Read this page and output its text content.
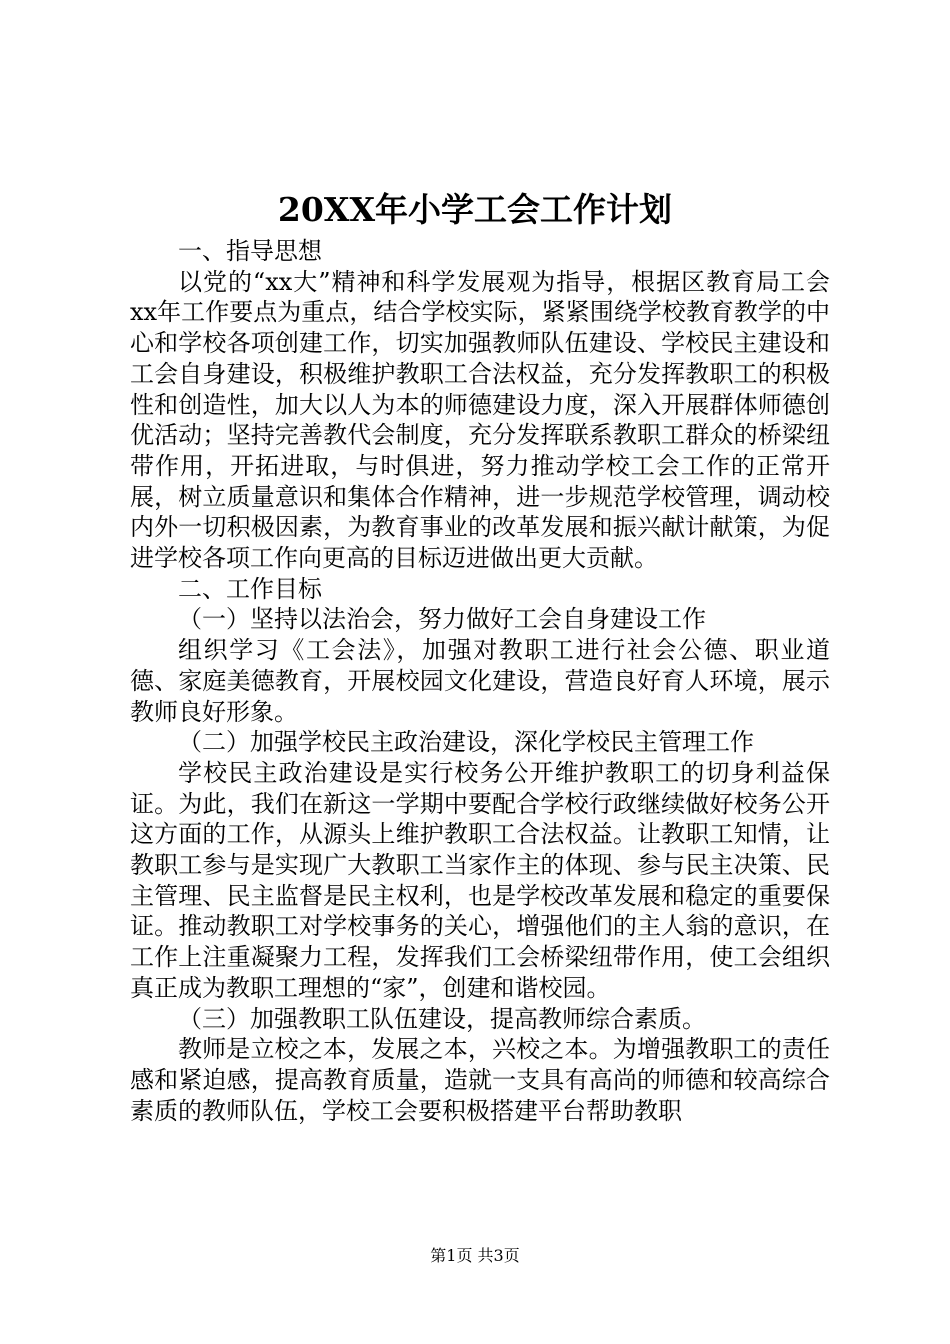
20XX年小学工会工作计划

一、指导思想

以党的“xx大”精神和科学发展观为指导，根据区教育局工会xx年工作要点为重点，结合学校实际，紧紧围绕学校教育教学的中心和学校各项创建工作，切实加强教师队伍建设、学校民主建设和工会自身建设，积极维护教职工合法权益，充分发挥教职工的积极性和创造性，加大以人为本的师德建设力度，深入开展群体师德创优活动；坚持完善教代会制度，充分发挥联系教职工群众的桥梁纽带作用，开拓进取，与时俱进，努力推动学校工会工作的正常开展，树立质量意识和集体合作精神，进一步规范学校管理，调动校内外一切积极因素，为教育事业的改革发展和振兴献计献策，为促进学校各项工作向更高的目标迈进做出更大贡献。

二、工作目标

（一）坚持以法治会，努力做好工会自身建设工作

组织学习《工会法》，加强对教职工进行社会公德、职业道德、家庭美德教育，开展校园文化建设，营造良好育人环境，展示教师良好形象。

（二）加强学校民主政治建设，深化学校民主管理工作

学校民主政治建设是实行校务公开维护教职工的切身利益保证。为此，我们在新这一学期中要配合学校行政继续做好校务公开这方面的工作，从源头上维护教职工合法权益。让教职工知情，让教职工参与是实现广大教职工当家作主的体现、参与民主决策、民主管理、民主监督是民主权利，也是学校改革发展和稳定的重要保证。推动教职工对学校事务的关心，增强他们的主人翁的意识，在工作上注重凝聚力工程，发挥我们工会桥梁纽带作用，使工会组织真正成为教职工理想的“家”，创建和谐校园。

（三）加强教职工队伍建设，提高教师综合素质。

教师是立校之本，发展之本，兴校之本。为增强教职工的责任感和紧迫感，提高教育质量，造就一支具有高尚的师德和较高综合素质的教师队伍，学校工会要积极搭建平台帮助教职

第1页 共3页
